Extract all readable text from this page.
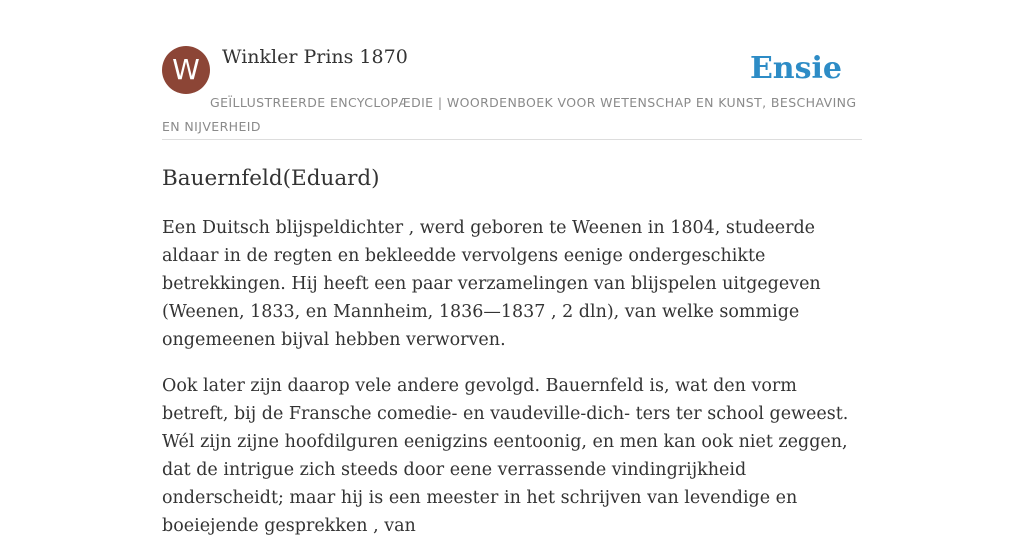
W	Winkler Prins 1870	Ensie
GEÏLLUSTREERDE ENCYCLOPÆDIE | WOORDENBOEK VOOR WETENSCHAP EN KUNST, BESCHAVING EN NIJVERHEID
Bauernfeld(Eduard)

Een Duitsch blijspeldichter , werd geboren te Weenen in 1804, studeerde aldaar in de regten en bekleedde vervolgens eenige ondergeschikte betrekkingen. Hij heeft een paar verzamelingen van blijspelen uitgegeven (Weenen, 1833, en Mannheim, 1836—1837 , 2 dln), van welke sommige ongemeenen bijval hebben verworven.

Ook later zijn daarop vele andere gevolgd. Bauernfeld is, wat den vorm betreft, bij de Fransche comedie- en vaudeville-dich- ters ter school geweest. Wél zijn zijne hoofdilguren eenigzins eentoonig, en men kan ook niet zeggen, dat de intrigue zich steeds door eene verrassende vindingrijkheid onderscheidt; maar hij is een meester in het schrijven van levendige en boeiejende gesprekken , van
